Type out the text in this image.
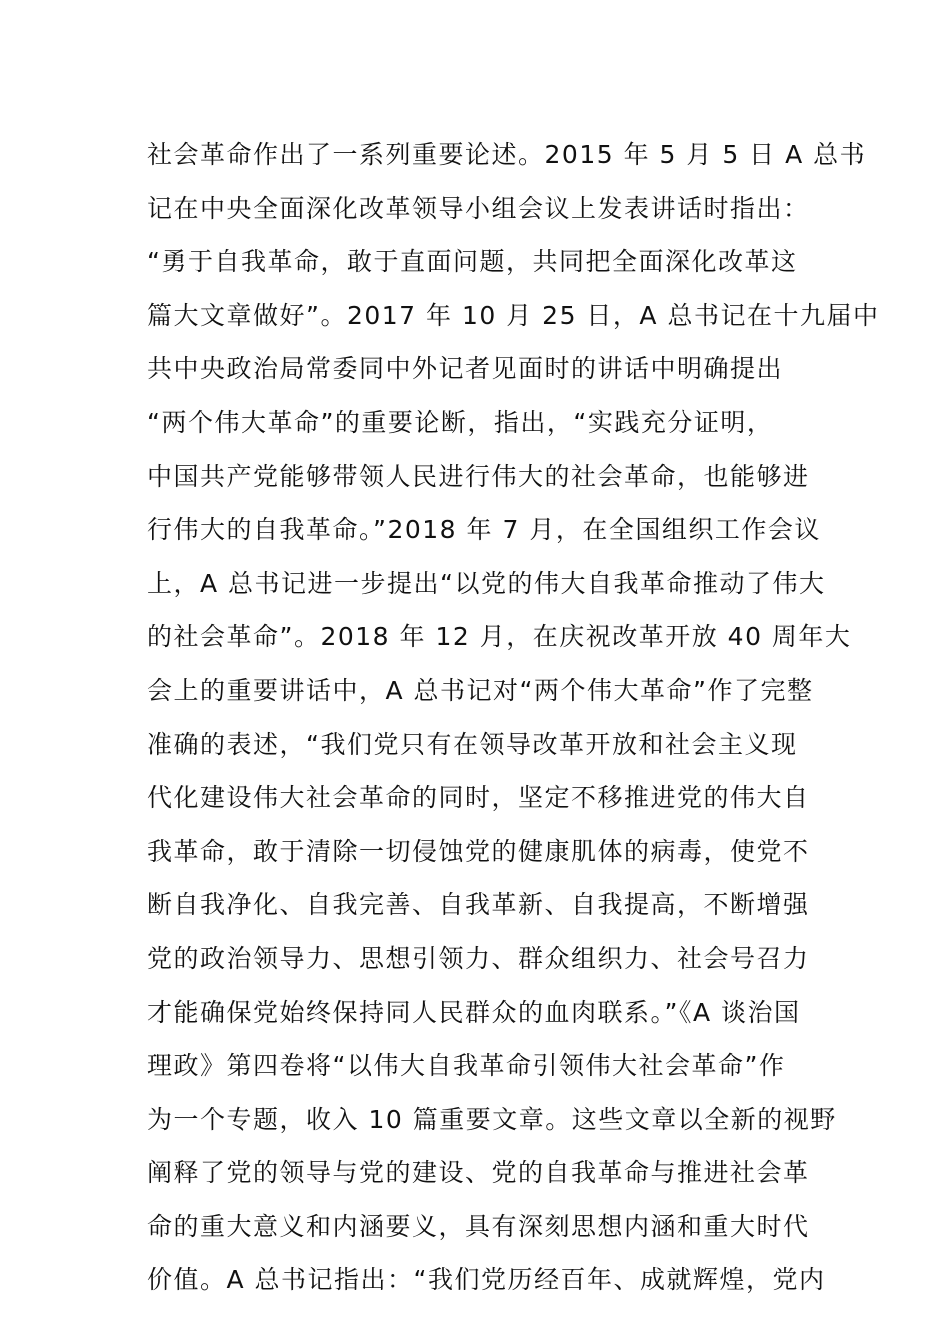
社会革命作出了一系列重要论述。2015 年 5 月 5 日 A 总书
记在中央全面深化改革领导小组会议上发表讲话时指出：
“勇于自我革命，敢于直面问题，共同把全面深化改革这
篇大文章做好”。2017 年 10 月 25 日，A 总书记在十九届中
共中央政治局常委同中外记者见面时的讲话中明确提出
“两个伟大革命”的重要论断，指出，“实践充分证明，
中国共产党能够带领人民进行伟大的社会革命，也能够进
行伟大的自我革命。”2018 年 7 月，在全国组织工作会议
上，A 总书记进一步提出“以党的伟大自我革命推动了伟大
的社会革命”。2018 年 12 月，在庆祝改革开放 40 周年大
会上的重要讲话中，A 总书记对“两个伟大革命”作了完整
准确的表述，“我们党只有在领导改革开放和社会主义现
代化建设伟大社会革命的同时，坚定不移推进党的伟大自
我革命，敢于清除一切侵蚀党的健康肌体的病毒，使党不
断自我净化、自我完善、自我革新、自我提高，不断增强
党的政治领导力、思想引领力、群众组织力、社会号召力
才能确保党始终保持同人民群众的血肉联系。”《A 谈治国
理政》第四卷将“以伟大自我革命引领伟大社会革命”作
为一个专题，收入 10 篇重要文章。这些文章以全新的视野
阐释了党的领导与党的建设、党的自我革命与推进社会革
命的重大意义和内涵要义，具有深刻思想内涵和重大时代
价值。A 总书记指出：“我们党历经百年、成就辉煌，党内
